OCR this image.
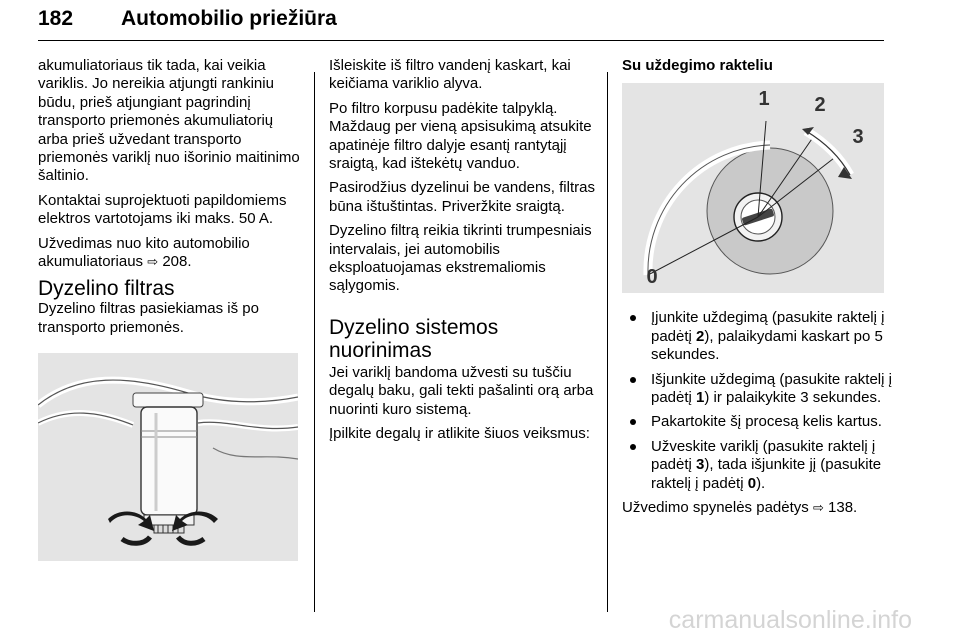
182 Automobilio priežiūra

akumuliatoriaus tik tada, kai veikia variklis. Jo nereikia atjungti rankiniu būdu, prieš atjungiant pagrindinį transporto priemonės akumuliatorių arba prieš užvedant transporto priemonės variklį nuo išorinio maitinimo šaltinio.

Kontaktai suprojektuoti papildomiems elektros vartotojams iki maks. 50 A.

Užvedimas nuo kito automobilio akumuliatoriaus ⇨ 208.

Dyzelino filtras

Dyzelino filtras pasiekiamas iš po transporto priemonės.

Išleiskite iš filtro vandenį kaskart, kai keičiama variklio alyva.

Po filtro korpusu padėkite talpyklą. Maždaug per vieną apsisukimą atsukite apatinėje filtro dalyje esantį rantytąjį sraigtą, kad ištekėtų vanduo.

Pasirodžius dyzelinui be vandens, filtras būna ištuštintas. Priveržkite sraigtą.

Dyzelino filtrą reikia tikrinti trumpesniais intervalais, jei automobilis eksploatuojamas ekstremaliomis sąlygomis.

Dyzelino sistemos nuorinimas

Jei variklį bandoma užvesti su tuščiu degalų baku, gali tekti pašalinti orą arba nuorinti kuro sistemą.

Įpilkite degalų ir atlikite šiuos veiksmus:

Su uždegimo rakteliu
1 2
3
0
Įjunkite uždegimą (pasukite raktelį į padėtį 2), palaikydami kaskart po 5 sekundes.
Išjunkite uždegimą (pasukite raktelį į padėtį 1) ir palaikykite 3 sekundes.
Pakartokite šį procesą kelis kartus.
Užveskite variklį (pasukite raktelį į padėtį 3), tada išjunkite jį (pasukite raktelį į padėtį 0).

Užvedimo spynelės padėtys ⇨ 138.

carmanualsonline.info
